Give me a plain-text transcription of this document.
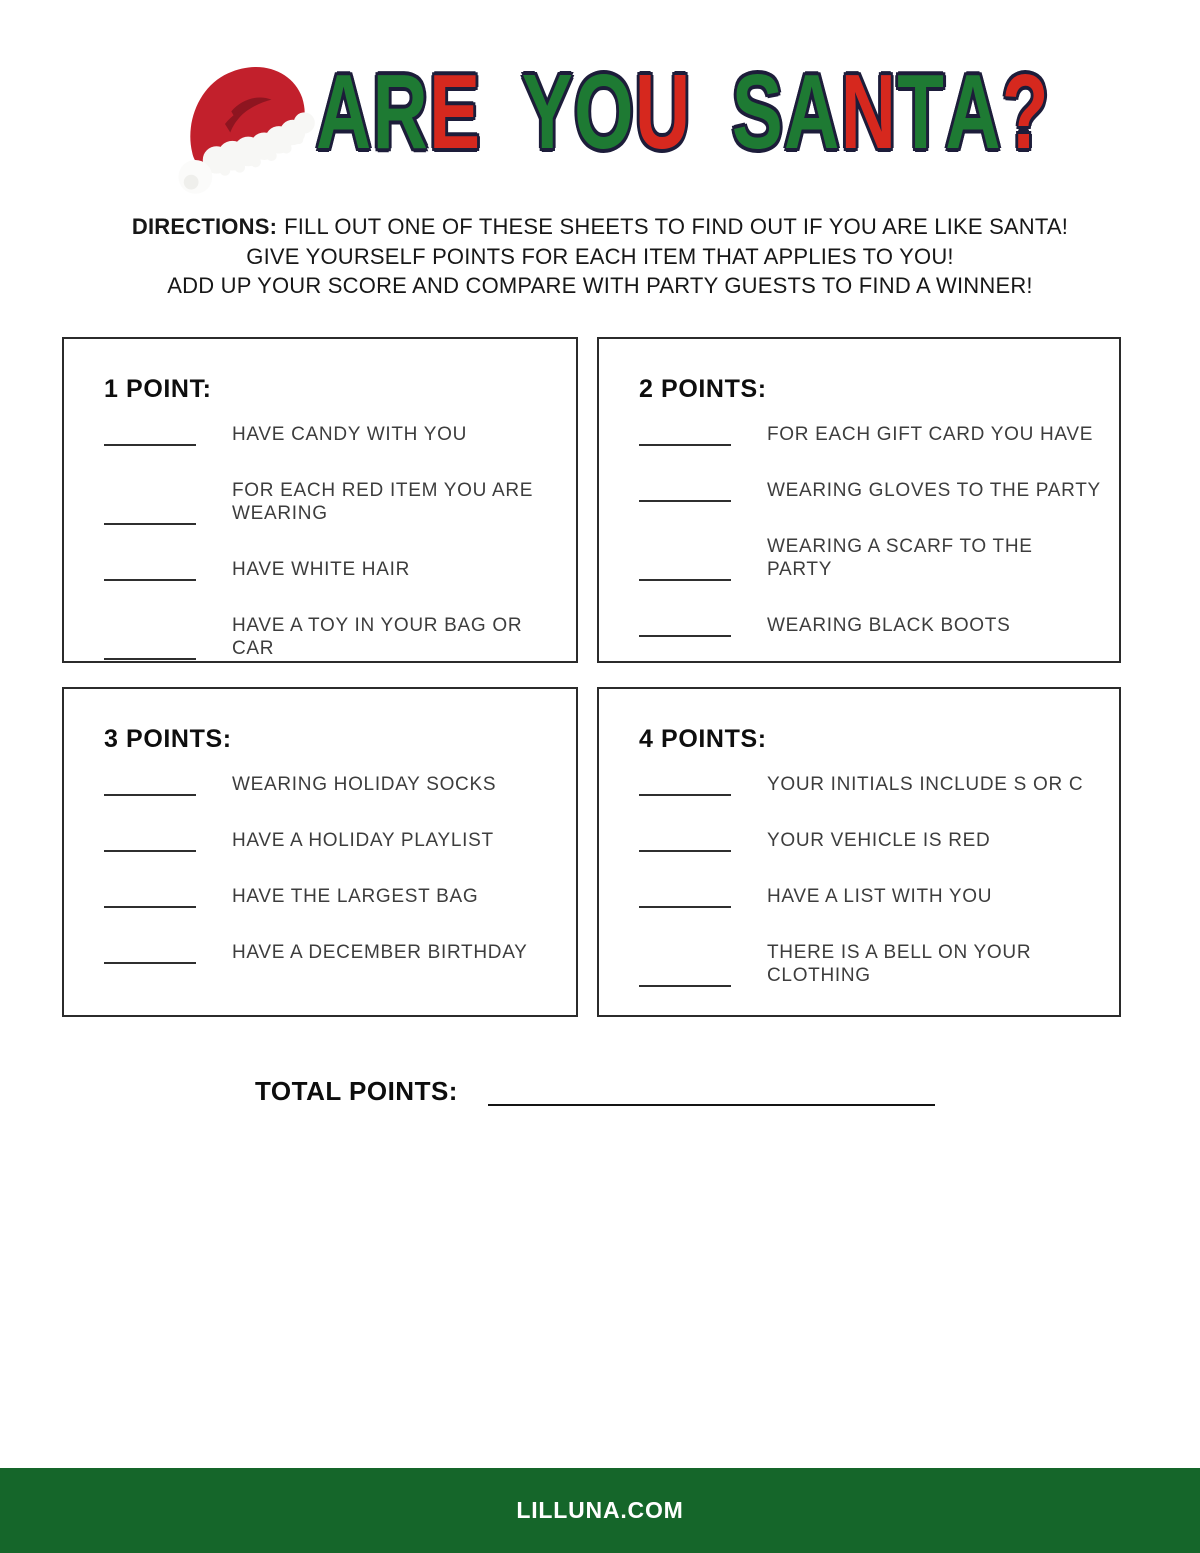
A R E Y O U S A N T A ?
DIRECTIONS: FILL OUT ONE OF THESE SHEETS TO FIND OUT IF YOU ARE LIKE SANTA!
GIVE YOURSELF POINTS FOR EACH ITEM THAT APPLIES TO YOU!
ADD UP YOUR SCORE AND COMPARE WITH PARTY GUESTS TO FIND A WINNER!
1 POINT:
HAVE CANDY WITH YOU
FOR EACH RED ITEM YOU ARE WEARING
HAVE WHITE HAIR
HAVE A TOY IN YOUR BAG OR CAR
2 POINTS:
FOR EACH GIFT CARD YOU HAVE
WEARING GLOVES TO THE PARTY
WEARING A SCARF TO THE PARTY
WEARING BLACK BOOTS
3 POINTS:
WEARING HOLIDAY SOCKS
HAVE A HOLIDAY PLAYLIST
HAVE THE LARGEST BAG
HAVE A DECEMBER BIRTHDAY
4 POINTS:
YOUR INITIALS INCLUDE S OR C
YOUR VEHICLE IS RED
HAVE A LIST WITH YOU
THERE IS A BELL ON YOUR CLOTHING
TOTAL POINTS:
LILLUNA.COM
